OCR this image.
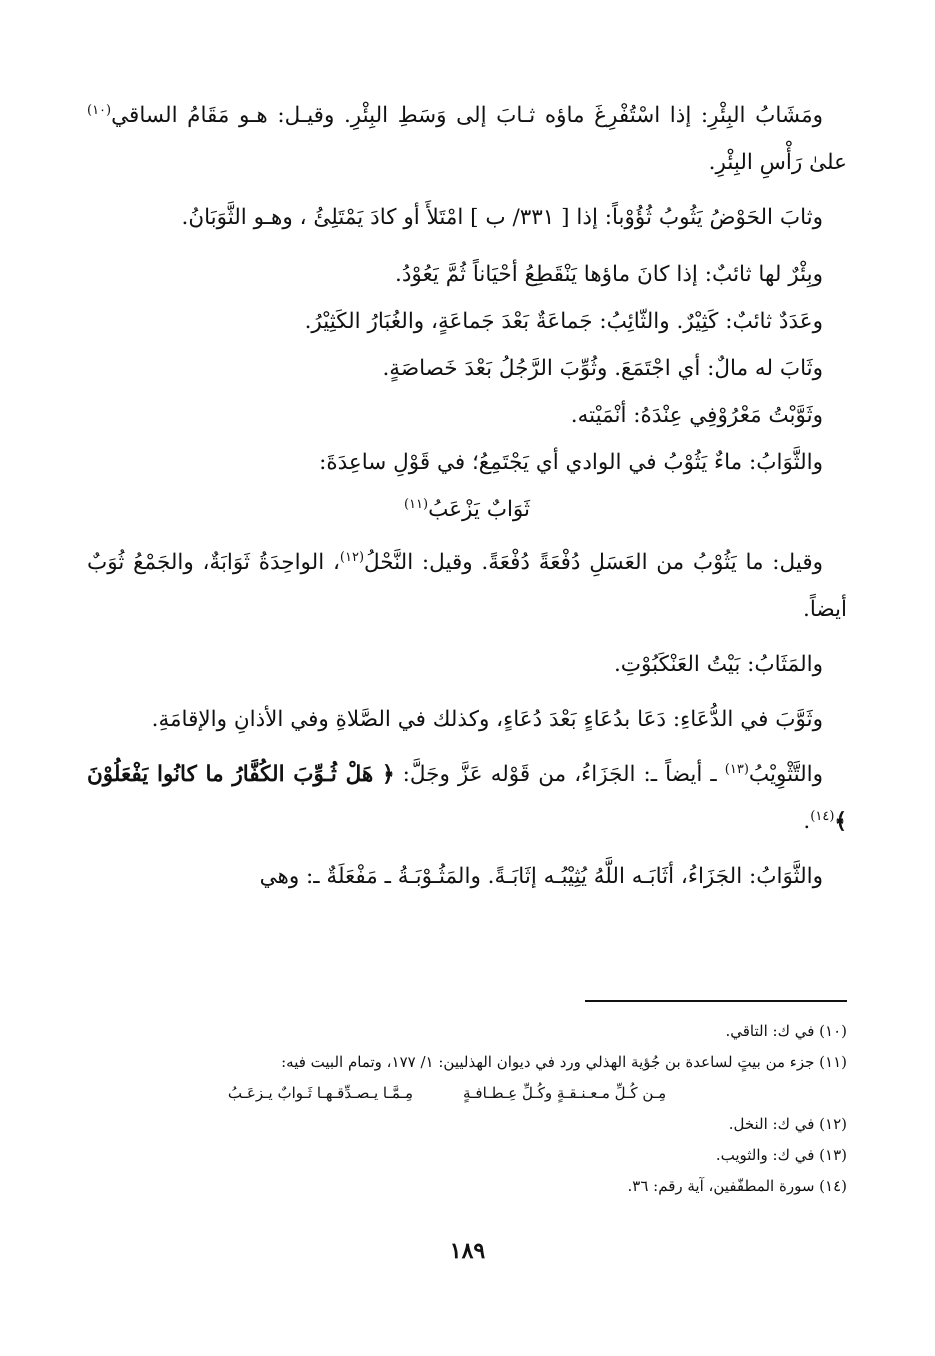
ومَشَابُ البِئْرِ: إذا اسْتُفْرِغَ ماؤه ثـابَ إلى وَسَطِ البِئْرِ. وقيـل: هـو مَقَامُ الساقي$^{(١٠)}$ علىٰ رَأْسِ البِئْرِ.

وثابَ الحَوْضُ يَثُوبُ ثُؤُوْباً: إذا [ ٣٣١/ ب ] امْتَلأَ أو كادَ يَمْتَلِئُ ، وهـو الثَّوَبَانُ.

وبِئْرٌ لها ثائبٌ: إذا كانَ ماؤها يَنْقَطِعُ أحْيَاناً ثُمَّ يَعُوْدُ.

وعَدَدٌ ثائبٌ: كَثِيْرٌ. والثّائِبُ: جَماعَةٌ بَعْدَ جَماعَةٍ، والغُبَارُ الكَثِيْرُ.

وثَابَ له مالٌ: أي اجْتَمَعَ. وثُوِّبَ الرَّجُلُ بَعْدَ خَصاصَةٍ.

وثَوَّبْتُ مَعْرُوْفِي عِنْدَهُ: أنْمَيْته.

والثَّوَابُ: ماءٌ يَثُوْبُ في الوادي أي يَجْتَمِعُ؛ في قَوْلِ ساعِدَةَ:

ثَوَابٌ يَزْعَبُ$^{(١١)}$

وقيل: ما يَثُوْبُ من العَسَلِ دُفْعَةً دُفْعَةً. وقيل: النَّحْلُ$^{(١٢)}$، الواحِدَةُ ثَوَابَةٌ، والجَمْعُ ثُوَبٌ أيضاً.

والمَثَابُ: بَيْتُ العَنْكَبُوْتِ.

وثَوَّبَ في الدُّعَاءِ: دَعَا بدُعَاءٍ بَعْدَ دُعَاءٍ، وكذلك في الصَّلاةِ وفي الأذانِ والإقامَةِ.

والتَّثْوِيْبُ$^{(١٣)}$ ـ أيضاً ـ: الجَزَاءُ، من قَوْله عَزَّ وجَلَّ: ﴿ هَلْ ثُـوِّبَ الكُفَّارُ ما كانُوا يَفْعَلُوْنَ ﴾$^{(١٤)}$.

والثَّوَابُ: الجَزَاءُ، أثَابَـه اللَّهُ يُثِيْبُـه إثَابَـةً. والمَثُـوْبَـةُ ـ مَفْعَلَةٌ ـ: وهي

(١٠) في ك: التاقي.

(١١) جزء من بيتٍ لساعدة بن جُؤية الهذلي ورد في ديوان الهذليين: ١/ ١٧٧، وتمام البيت فيه:

مِـن كُـلِّ مـعـنـقـةٍ وكُـلِّ عِـطـافـةٍ
مِـمَّـا يـصـدِّقـهـا ثَـوابٌ يـزعَـبُ

(١٢) في ك: النخل.

(١٣) في ك: والثويب.

(١٤) سورة المطفّفين، آية رقم: ٣٦.

١٨٩
